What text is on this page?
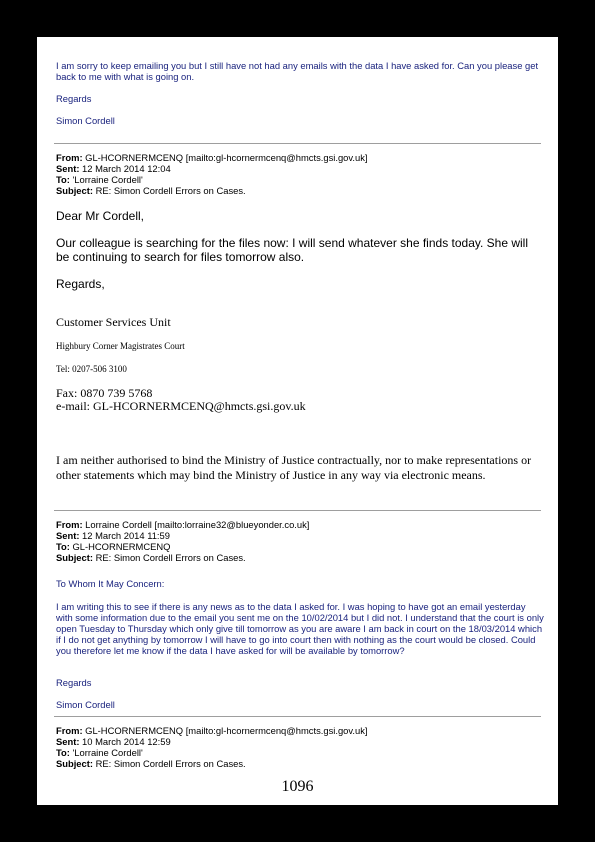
I am sorry to keep emailing you but I still have not had any emails with the data I have asked for. Can you please get back to me with what is going on.
Regards
Simon Cordell
From: GL-HCORNERMCENQ [mailto:gl-hcornermcenq@hmcts.gsi.gov.uk]
Sent: 12 March 2014 12:04
To: 'Lorraine Cordell'
Subject: RE: Simon Cordell Errors on Cases.
Dear Mr Cordell,
Our colleague is searching for the files now: I will send whatever she finds today. She will be continuing to search for files tomorrow also.
Regards,
Customer Services Unit
Highbury Corner Magistrates Court
Tel: 0207-506 3100
Fax: 0870 739 5768
e-mail: GL-HCORNERMCENQ@hmcts.gsi.gov.uk
I am neither authorised to bind the Ministry of Justice contractually, nor to make representations or other statements which may bind the Ministry of Justice in any way via electronic means.
From: Lorraine Cordell [mailto:lorraine32@blueyonder.co.uk]
Sent: 12 March 2014 11:59
To: GL-HCORNERMCENQ
Subject: RE: Simon Cordell Errors on Cases.
To Whom It May Concern:
I am writing this to see if there is any news as to the data I asked for. I was hoping to have got an email yesterday with some information due to the email you sent me on the 10/02/2014 but I did not. I understand that the court is only open Tuesday to Thursday which only give till tomorrow as you are aware I am back in court on the 18/03/2014 which if I do not get anything by tomorrow I will have to go into court then with nothing as the court would be closed. Could you therefore let me know if the data I have asked for will be available by tomorrow?
Regards
Simon Cordell
From: GL-HCORNERMCENQ [mailto:gl-hcornermcenq@hmcts.gsi.gov.uk]
Sent: 10 March 2014 12:59
To: 'Lorraine Cordell'
Subject: RE: Simon Cordell Errors on Cases.
1096
